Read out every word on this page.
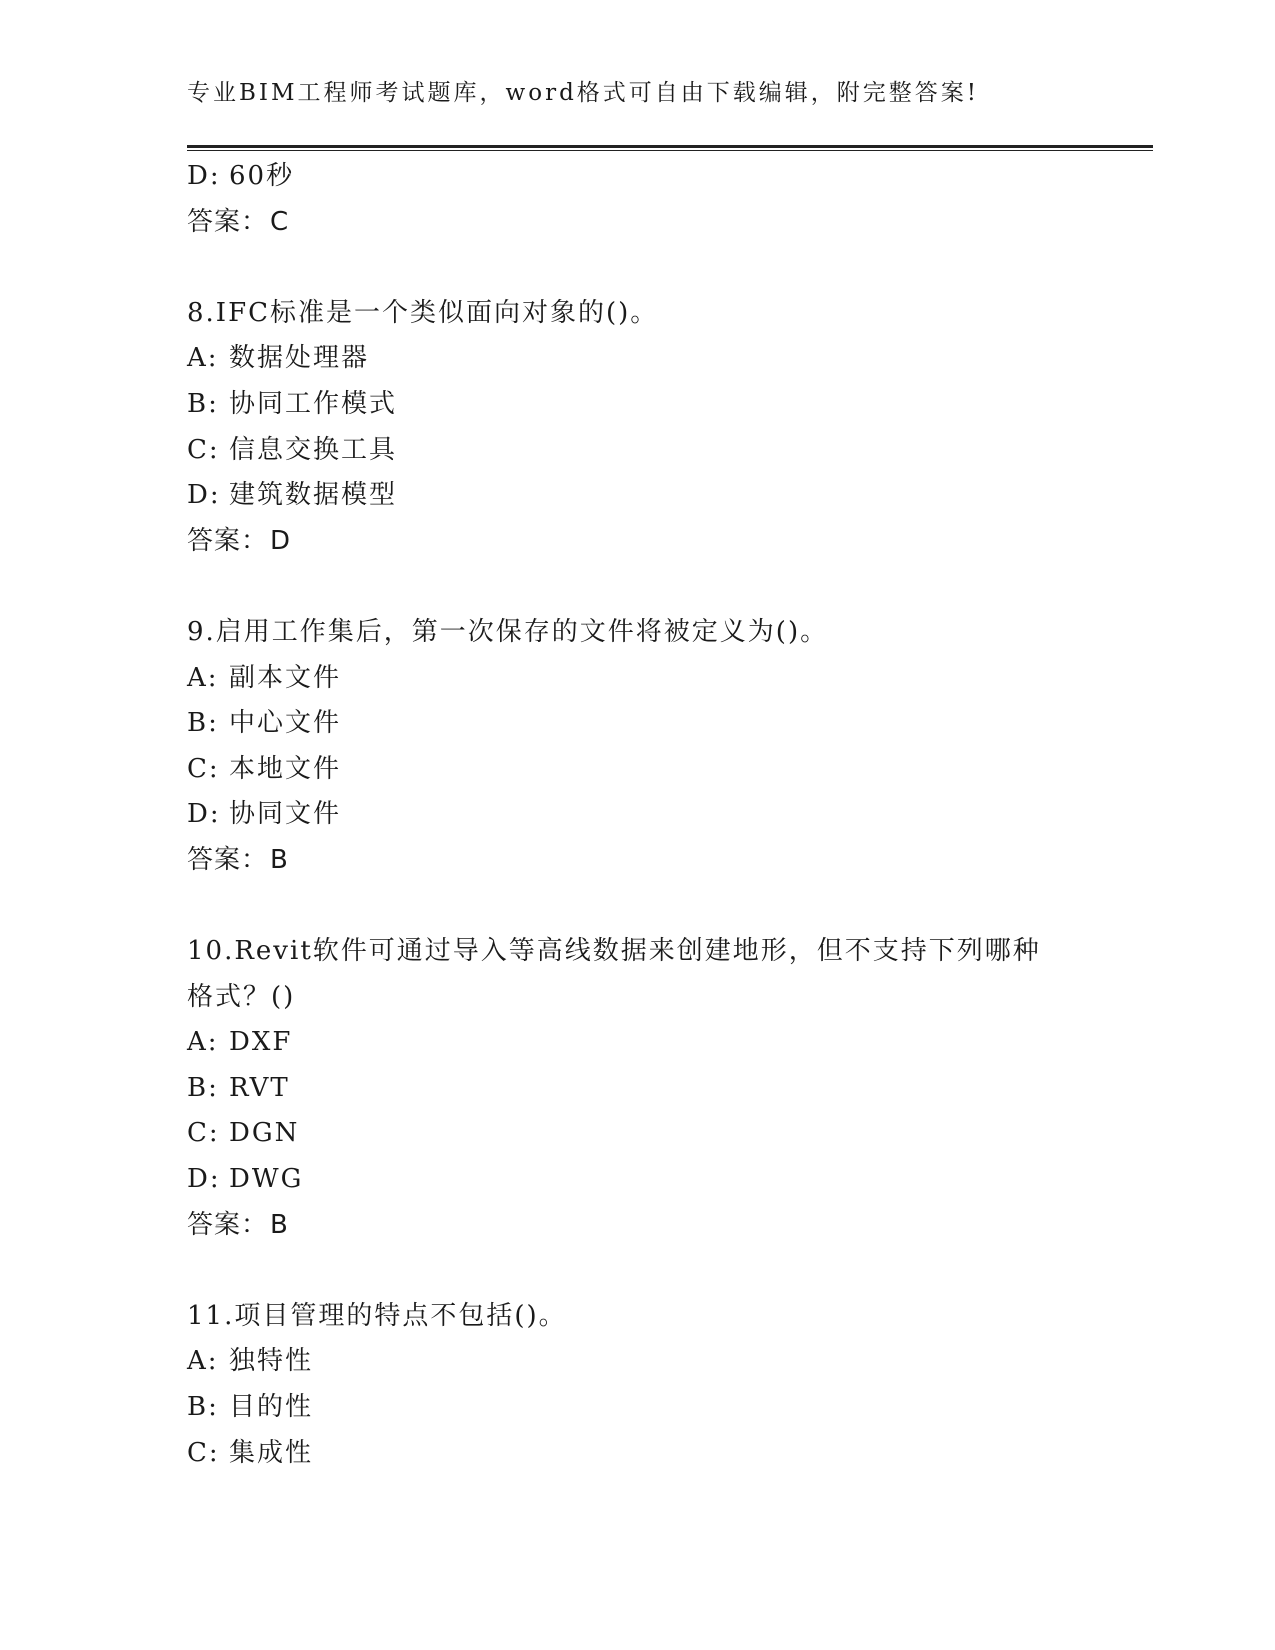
专业BIM工程师考试题库，word格式可自由下载编辑，附完整答案!
D: 60秒
答案：C
8.IFC标准是一个类似面向对象的()。
A: 数据处理器
B: 协同工作模式
C: 信息交换工具
D: 建筑数据模型
答案：D
9.启用工作集后，第一次保存的文件将被定义为()。
A: 副本文件
B: 中心文件
C: 本地文件
D: 协同文件
答案：B
10.Revit软件可通过导入等高线数据来创建地形，但不支持下列哪种格式？()
A: DXF
B: RVT
C: DGN
D: DWG
答案：B
11.项目管理的特点不包括()。
A: 独特性
B: 目的性
C: 集成性
